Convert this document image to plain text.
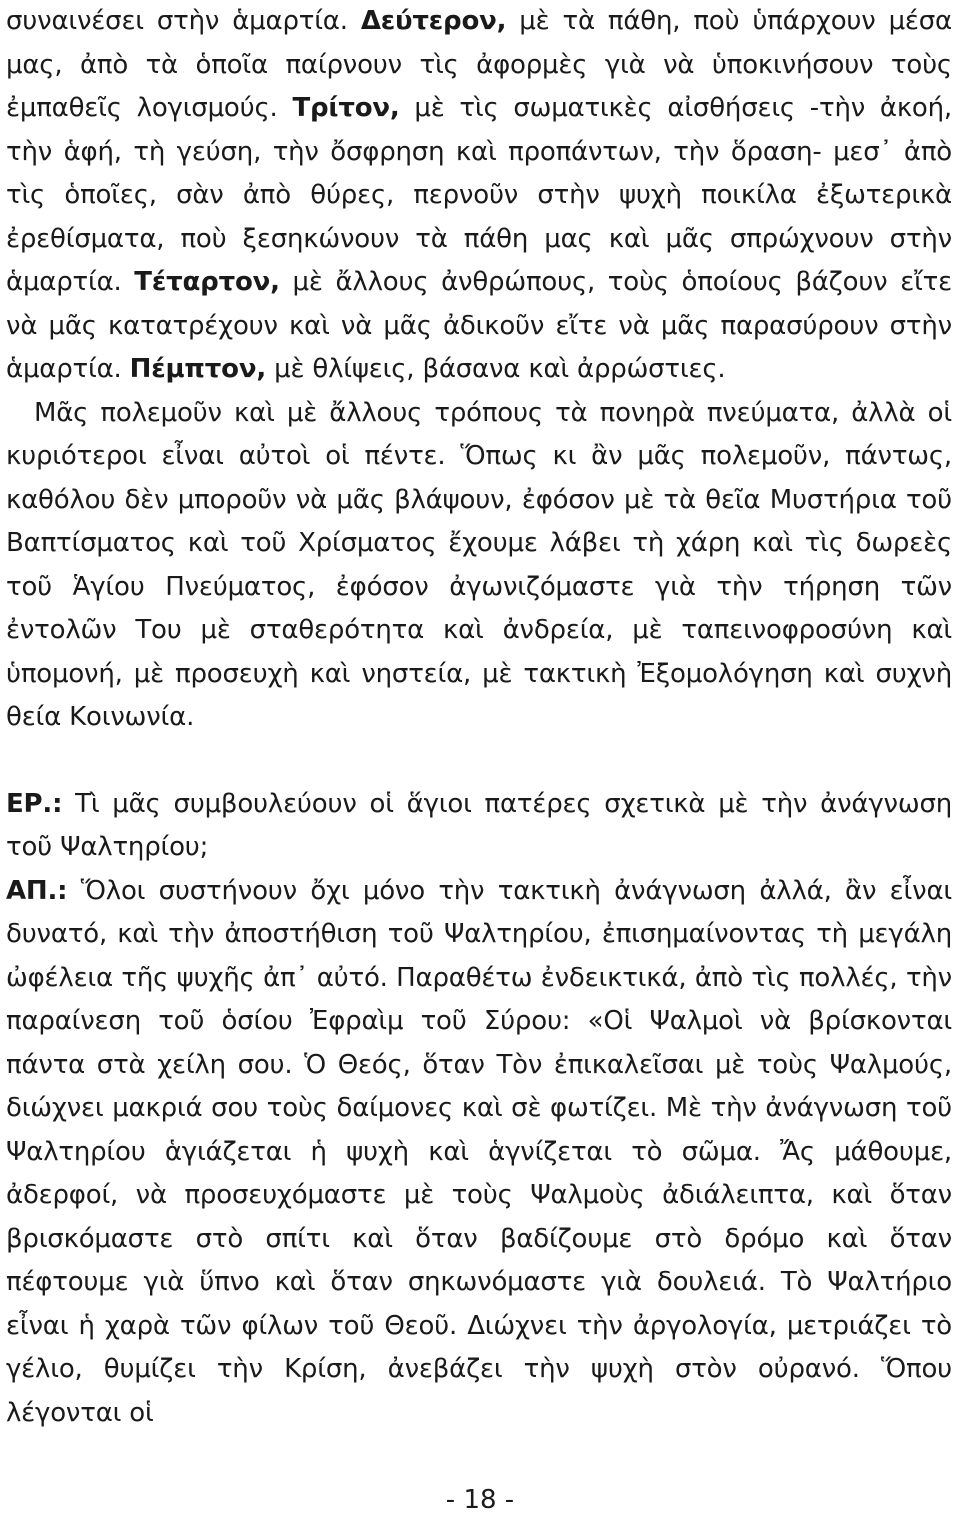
συναινέσει στὴν ἁμαρτία. Δεύτερον, μὲ τὰ πάθη, ποὺ ὑπάρχουν μέσα μας, ἀπὸ τὰ ὁποῖα παίρνουν τὶς ἀφορμὲς γιὰ νὰ ὑποκινήσουν τοὺς ἐμπαθεῖς λογισμούς. Τρίτον, μὲ τὶς σωματικὲς αἰσθήσεις -τὴν ἀκοή, τὴν ἁφή, τὴ γεύση, τὴν ὄσφρηση καὶ προπάντων, τὴν ὅραση- μεσ᾽ ἀπὸ τὶς ὁποῖες, σὰν ἀπὸ θύρες, περνοῦν στὴν ψυχὴ ποικίλα ἐξωτερικὰ ἐρεθίσματα, ποὺ ξεσηκώνουν τὰ πάθη μας καὶ μᾶς σπρώχνουν στὴν ἁμαρτία. Τέταρτον, μὲ ἄλλους ἀνθρώπους, τοὺς ὁποίους βάζουν εἴτε νὰ μᾶς κατατρέχουν καὶ νὰ μᾶς ἀδικοῦν εἴτε νὰ μᾶς παρασύρουν στὴν ἁμαρτία. Πέμπτον, μὲ θλίψεις, βάσανα καὶ ἀρρώστιες.

Μᾶς πολεμοῦν καὶ μὲ ἄλλους τρόπους τὰ πονηρὰ πνεύματα, ἀλλὰ οἱ κυριότεροι εἶναι αὐτοὶ οἱ πέντε. Ὅπως κι ἂν μᾶς πολεμοῦν, πάντως, καθόλου δὲν μποροῦν νὰ μᾶς βλάψουν, ἐφόσον μὲ τὰ θεῖα Μυστήρια τοῦ Βαπτίσματος καὶ τοῦ Χρίσματος ἔχουμε λάβει τὴ χάρη καὶ τὶς δωρεὲς τοῦ Ἁγίου Πνεύματος, ἐφόσον ἀγωνιζόμαστε γιὰ τὴν τήρηση τῶν ἐντολῶν Του μὲ σταθερότητα καὶ ἀνδρεία, μὲ ταπεινοφροσύνη καὶ ὑπομονή, μὲ προσευχὴ καὶ νηστεία, μὲ τακτικὴ Ἐξομολόγηση καὶ συχνὴ θεία Κοινωνία.

ΕΡ.: Τὶ μᾶς συμβουλεύουν οἱ ἅγιοι πατέρες σχετικὰ μὲ τὴν ἀνάγνωση τοῦ Ψαλτηρίου;

ΑΠ.: Ὅλοι συστήνουν ὄχι μόνο τὴν τακτικὴ ἀνάγνωση ἀλλά, ἂν εἶναι δυνατό, καὶ τὴν ἀποστήθιση τοῦ Ψαλτηρίου, ἐπισημαίνοντας τὴ μεγάλη ὠφέλεια τῆς ψυχῆς ἀπ᾽ αὐτό. Παραθέτω ἐνδεικτικά, ἀπὸ τὶς πολλές, τὴν παραίνεση τοῦ ὁσίου Ἐφραὶμ τοῦ Σύρου: «Οἱ Ψαλμοὶ νὰ βρίσκονται πάντα στὰ χείλη σου. Ὁ Θεός, ὅταν Τὸν ἐπικαλεῖσαι μὲ τοὺς Ψαλμούς, διώχνει μακριά σου τοὺς δαίμονες καὶ σὲ φωτίζει. Μὲ τὴν ἀνάγνωση τοῦ Ψαλτηρίου ἁγιάζεται ἡ ψυχὴ καὶ ἁγνίζεται τὸ σῶμα. Ἄς μάθουμε, ἀδερφοί, νὰ προσευχόμαστε μὲ τοὺς Ψαλμοὺς ἀδιάλειπτα, καὶ ὅταν βρισκόμαστε στὸ σπίτι καὶ ὅταν βαδίζουμε στὸ δρόμο καὶ ὅταν πέφτουμε γιὰ ὕπνο καὶ ὅταν σηκωνόμαστε γιὰ δουλειά. Τὸ Ψαλτήριο εἶναι ἡ χαρὰ τῶν φίλων τοῦ Θεοῦ. Διώχνει τὴν ἀργολογία, μετριάζει τὸ γέλιο, θυμίζει τὴν Κρίση, ἀνεβάζει τὴν ψυχὴ στὸν οὐρανό. Ὅπου λέγονται οἱ

- 18 -
